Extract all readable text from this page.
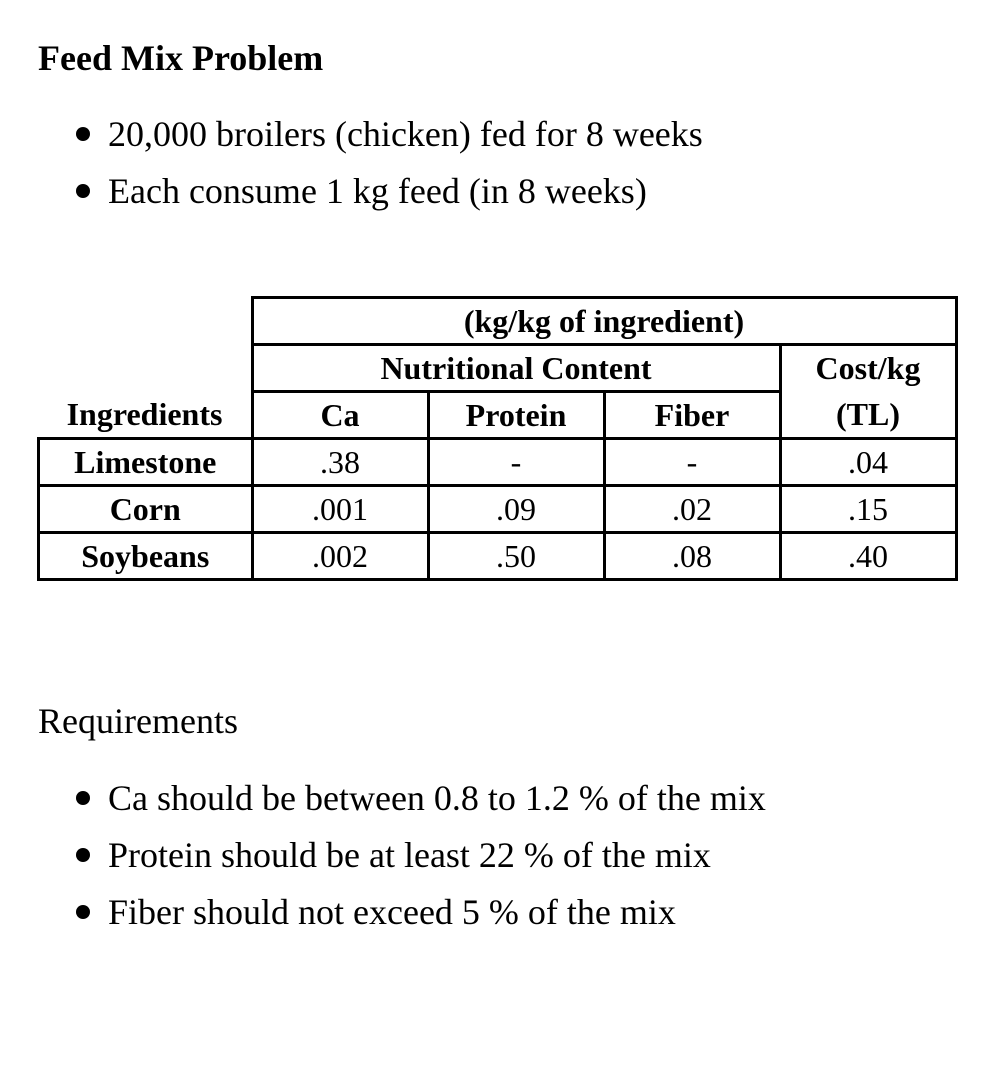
Feed Mix Problem
20,000 broilers (chicken) fed for 8 weeks
Each consume 1 kg feed (in 8 weeks)
	(kg/kg of ingredient)			
	Nutritional Content			Cost/kg
Ingredients	Ca	Protein	Fiber	(TL)
Limestone	.38	-	-	.04
Corn	.001	.09	.02	.15
Soybeans	.002	.50	.08	.40

Requirements

Ca should be between 0.8 to 1.2 % of the mix
Protein should be at least 22 % of the mix
Fiber should not exceed 5 % of the mix
